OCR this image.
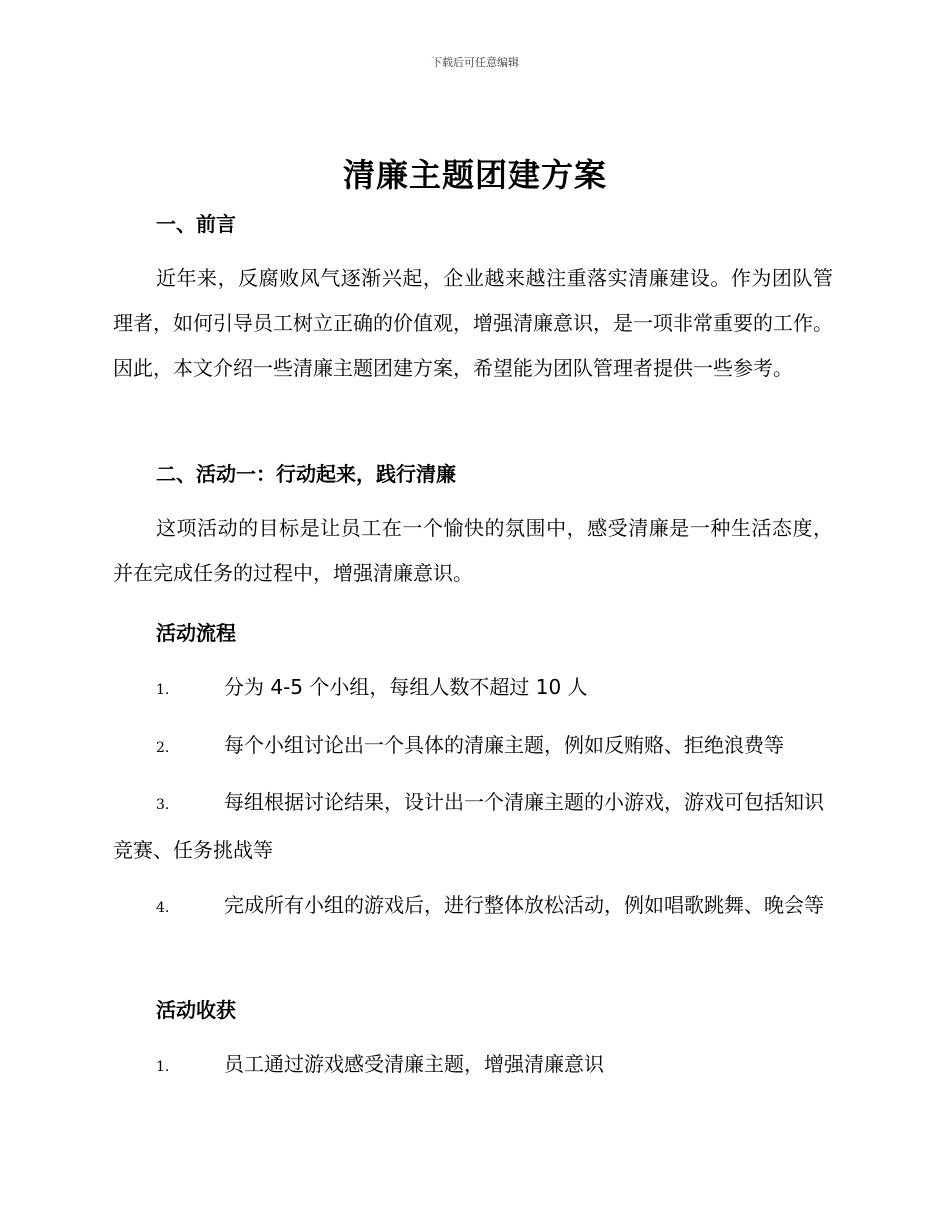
下载后可任意编辑
清廉主题团建方案
一、前言
近年来，反腐败风气逐渐兴起，企业越来越注重落实清廉建设。作为团队管理者，如何引导员工树立正确的价值观，增强清廉意识，是一项非常重要的工作。因此，本文介绍一些清廉主题团建方案，希望能为团队管理者提供一些参考。
二、活动一：行动起来，践行清廉
这项活动的目标是让员工在一个愉快的氛围中，感受清廉是一种生活态度，并在完成任务的过程中，增强清廉意识。
活动流程
1.	分为 4-5 个小组，每组人数不超过 10 人
2.	每个小组讨论出一个具体的清廉主题，例如反贿赂、拒绝浪费等
3.	每组根据讨论结果，设计出一个清廉主题的小游戏，游戏可包括知识竞赛、任务挑战等
4.	完成所有小组的游戏后，进行整体放松活动，例如唱歌跳舞、晚会等
活动收获
1.	员工通过游戏感受清廉主题，增强清廉意识
